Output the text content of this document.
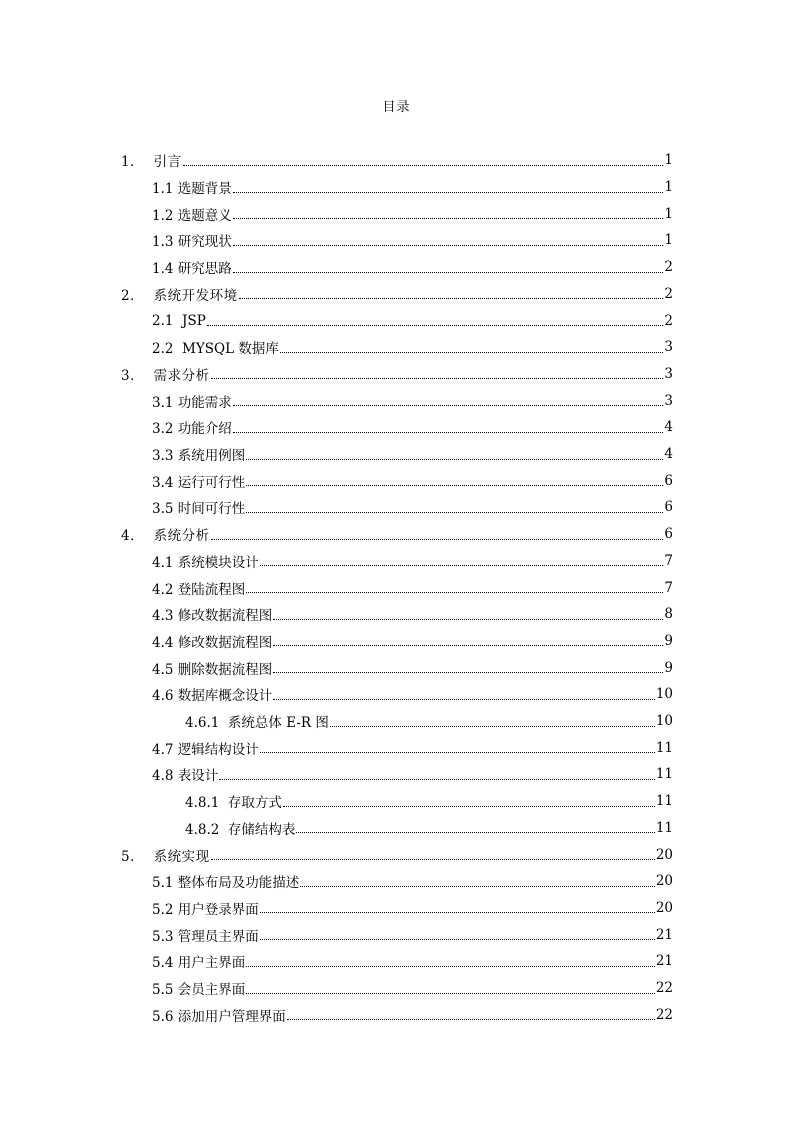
目录
1．  引言	1
1.1 选题背景	1
1.2 选题意义	1
1.3 研究现状	1
1.4 研究思路	2
2．  系统开发环境	2
2.1  JSP	2
2.2  MYSQL 数据库	3
3．  需求分析	3
3.1 功能需求	3
3.2 功能介绍	4
3.3 系统用例图	4
3.4 运行可行性	6
3.5 时间可行性	6
4．  系统分析	6
4.1 系统模块设计	7
4.2 登陆流程图	7
4.3 修改数据流程图	8
4.4 修改数据流程图	9
4.5 删除数据流程图	9
4.6 数据库概念设计	10
4.6.1  系统总体 E-R 图	10
4.7 逻辑结构设计	11
4.8 表设计	11
4.8.1  存取方式	11
4.8.2  存储结构表	11
5．  系统实现	20
5.1 整体布局及功能描述	20
5.2 用户登录界面	20
5.3 管理员主界面	21
5.4 用户主界面	21
5.5 会员主界面	22
5.6 添加用户管理界面	22
